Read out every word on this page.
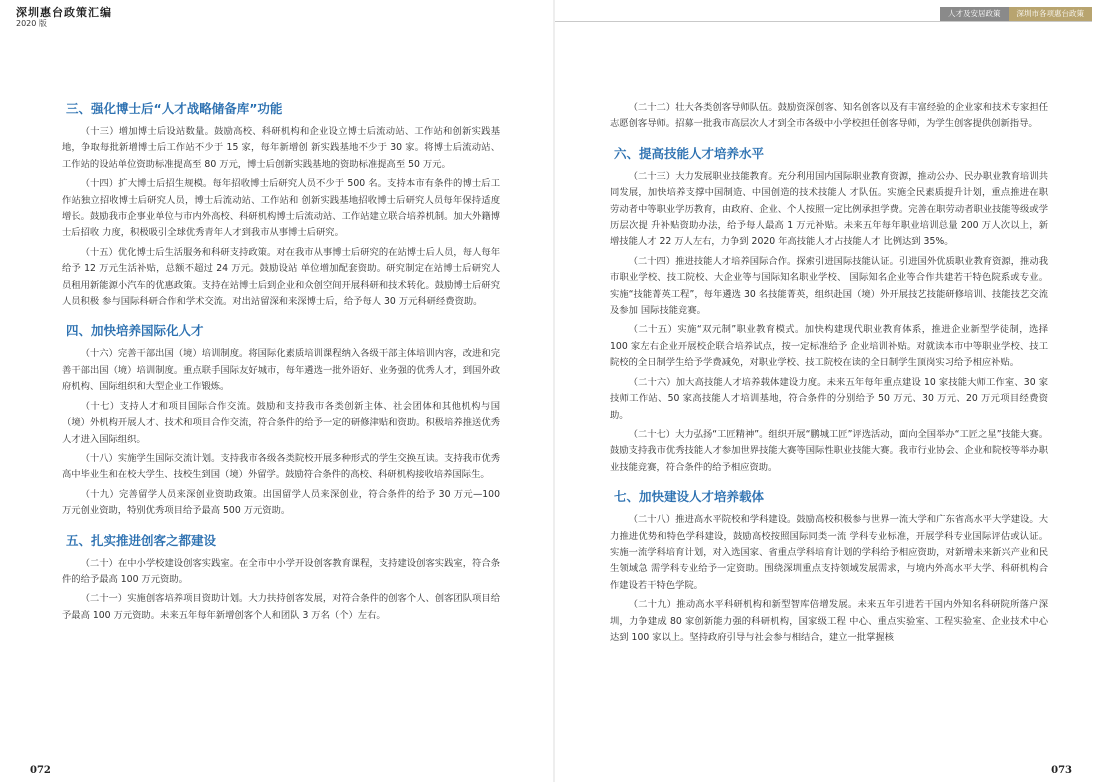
深圳惠台政策汇编
2020 版
人才及安居政策	深圳市各项惠台政策
三、强化博士后“人才战略储备库”功能

（十三）增加博士后设站数量。鼓励高校、科研机构和企业设立博士后流动站、工作站和创新实践基地，争取每批新增博士后工作站不少于 15 家，每年新增创 新实践基地不少于 30 家。将博士后流动站、工作站的设站单位资助标准提高至 80 万元，博士后创新实践基地的资助标准提高至 50 万元。

（十四）扩大博士后招生规模。每年招收博士后研究人员不少于 500 名。支持本市有条件的博士后工作站独立招收博士后研究人员，博士后流动站、工作站和 创新实践基地招收博士后研究人员每年保持适度增长。鼓励我市企事业单位与市内外高校、科研机构博士后流动站、工作站建立联合培养机制。加大外籍博士后招收 力度，积极吸引全球优秀青年人才到我市从事博士后研究。

（十五）优化博士后生活服务和科研支持政策。对在我市从事博士后研究的在站博士后人员，每人每年给予 12 万元生活补贴，总额不超过 24 万元。鼓励设站 单位增加配套资助。研究制定在站博士后研究人员租用新能源小汽车的优惠政策。支持在站博士后到企业和众创空间开展科研和技术转化。鼓励博士后研究人员积极 参与国际科研合作和学术交流。对出站留深和来深博士后，给予每人 30 万元科研经费资助。

四、加快培养国际化人才

（十六）完善干部出国（境）培训制度。将国际化素质培训课程纳入各级干部主体培训内容，改进和完善干部出国（境）培训制度。重点联手国际友好城市，每年遴选一批外语好、业务强的优秀人才，到国外政府机构、国际组织和大型企业工作锻炼。

（十七）支持人才和项目国际合作交流。鼓励和支持我市各类创新主体、社会团体和其他机构与国（境）外机构开展人才、技术和项目合作交流，符合条件的给予一定的研修津贴和资助。积极培养推送优秀人才进入国际组织。

（十八）实施学生国际交流计划。支持我市各级各类院校开展多种形式的学生交换互读。支持我市优秀高中毕业生和在校大学生、技校生到国（境）外留学。鼓励符合条件的高校、科研机构接收培养国际生。

（十九）完善留学人员来深创业资助政策。出国留学人员来深创业，符合条件的给予 30 万元—100 万元创业资助，特别优秀项目给予最高 500 万元资助。

五、扎实推进创客之都建设

（二十）在中小学校建设创客实践室。在全市中小学开设创客教育课程，支持建设创客实践室，符合条件的给予最高 100 万元资助。

（二十一）实施创客培养项目资助计划。大力扶持创客发展，对符合条件的创客个人、创客团队项目给予最高 100 万元资助。未来五年每年新增创客个人和团队 3 万名（个）左右。

（二十二）壮大各类创客导师队伍。鼓励资深创客、知名创客以及有丰富经验的企业家和技术专家担任志愿创客导师。招募一批我市高层次人才到全市各级中小学校担任创客导师，为学生创客提供创新指导。

六、提高技能人才培养水平

（二十三）大力发展职业技能教育。充分利用国内国际职业教育资源，推动公办、民办职业教育培训共同发展，加快培养支撑中国制造、中国创造的技术技能人 才队伍。实施全民素质提升计划，重点推进在职劳动者中等职业学历教育，由政府、企业、个人按照一定比例承担学费。完善在职劳动者职业技能等级或学历层次提 升补贴资助办法，给予每人最高 1 万元补贴。未来五年每年职业培训总量 200 万人次以上，新增技能人才 22 万人左右，力争到 2020 年高技能人才占技能人才 比例达到 35%。

（二十四）推进技能人才培养国际合作。探索引进国际技能认证。引进国外优质职业教育资源，推动我市职业学校、技工院校、大企业等与国际知名职业学校、 国际知名企业等合作共建若干特色院系或专业。实施“技能菁英工程”，每年遴选 30 名技能菁英，组织赴国（境）外开展技艺技能研修培训、技能技艺交流及参加 国际技能竞赛。

（二十五）实施“双元制”职业教育模式。加快构建现代职业教育体系，推进企业新型学徒制，选择 100 家左右企业开展校企联合培养试点，按一定标准给予 企业培训补贴。对就读本市中等职业学校、技工院校的全日制学生给予学费减免，对职业学校、技工院校在读的全日制学生顶岗实习给予相应补贴。

（二十六）加大高技能人才培养载体建设力度。未来五年每年重点建设 10 家技能大师工作室、30 家技师工作站、50 家高技能人才培训基地，符合条件的分别给予 50 万元、30 万元、20 万元项目经费资助。

（二十七）大力弘扬“工匠精神”。组织开展“鹏城工匠”评选活动，面向全国举办“工匠之星”技能大赛。鼓励支持我市优秀技能人才参加世界技能大赛等国际性职业技能大赛。我市行业协会、企业和院校等举办职业技能竞赛，符合条件的给予相应资助。

七、加快建设人才培养载体

（二十八）推进高水平院校和学科建设。鼓励高校积极参与世界一流大学和广东省高水平大学建设。大力推进优势和特色学科建设，鼓励高校按照国际同类一流 学科专业标准，开展学科专业国际评估或认证。实施一流学科培育计划，对入选国家、省重点学科培育计划的学科给予相应资助，对新增未来新兴产业和民生领域急 需学科专业给予一定资助。围绕深圳重点支持领域发展需求，与境内外高水平大学、科研机构合作建设若干特色学院。

（二十九）推动高水平科研机构和新型智库倍增发展。未来五年引进若干国内外知名科研院所落户深圳，力争建成 80 家创新能力强的科研机构，国家级工程 中心、重点实验室、工程实验室、企业技术中心达到 100 家以上。坚持政府引导与社会参与相结合，建立一批掌握核

072	073
